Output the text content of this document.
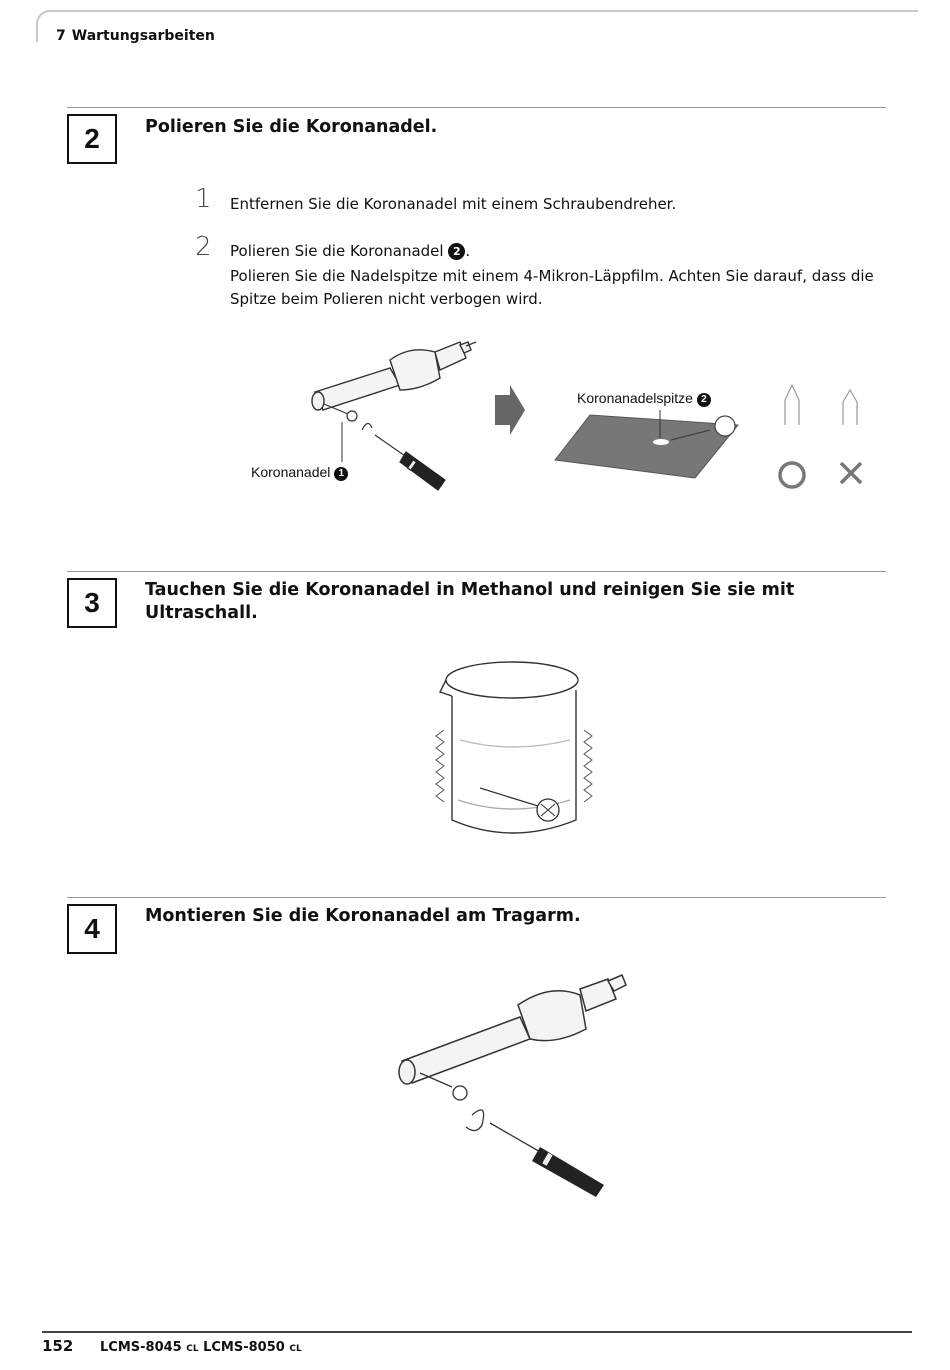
7 Wartungsarbeiten
2	Polieren Sie die Koronanadel.
1 Entfernen Sie die Koronanadel mit einem Schraubendreher.
2 Polieren Sie die Koronanadel 2 .
Polieren Sie die Nadelspitze mit einem 4-Mikron-Läppfilm. Achten Sie darauf, dass die Spitze beim Polieren nicht verbogen wird.
Koronanadel 1
Koronanadelspitze 2
3	Tauchen Sie die Koronanadel in Methanol und reinigen Sie sie mit Ultraschall.
4	Montieren Sie die Koronanadel am Tragarm.
152 LCMS-8045 CL LCMS-8050 CL
